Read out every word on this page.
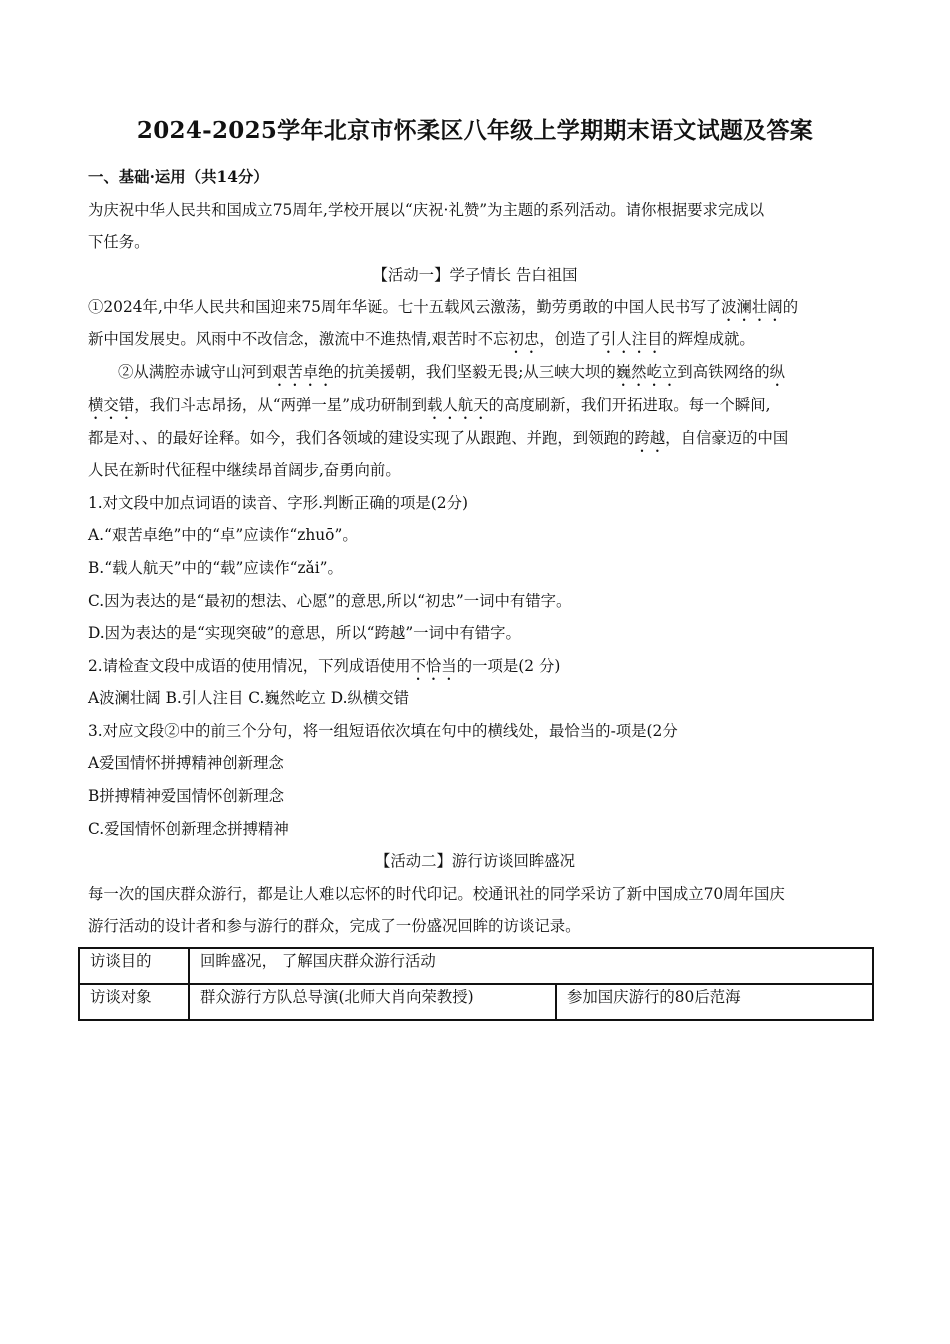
2024-2025学年北京市怀柔区八年级上学期期末语文试题及答案
一、基础·运用（共14分）
为庆祝中华人民共和国成立75周年,学校开展以“庆祝·礼赞”为主题的系列活动。请你根据要求完成以
下任务。
【活动一】学子情长 告白祖国
①2024年,中华人民共和国迎来75周年华诞。七十五载风云激荡，勤劳勇敢的中国人民书写了波澜壮阔的
新中国发展史。风雨中不改信念，激流中不進热情,艰苦时不忘初忠，创造了引人注目的辉煌成就。
②从满腔赤诚守山河到艰苦卓绝的抗美援朝，我们坚毅无畏;从三峡大坝的巍然屹立到高铁网络的纵
横交错，我们斗志昂扬，从“两弹一星”成功研制到载人航天的高度刷新，我们开拓进取。每一个瞬间,
都是对、、的最好诠释。如今，我们各领域的建设实现了从跟跑、并跑，到领跑的跨越，自信豪迈的中国
人民在新时代征程中继续昂首阔步,奋勇向前。
1.对文段中加点词语的读音、字形.判断正确的项是(2分)
A.“艰苦卓绝”中的“卓”应读作“zhuō”。
B.“载人航天”中的“载”应读作“zǎi”。
C.因为表达的是“最初的想法、心愿”的意思,所以“初忠”一词中有错字。
D.因为表达的是“实现突破”的意思，所以“跨越”一词中有错字。
2.请检查文段中成语的使用情况，下列成语使用不恰当的一项是(2 分)
A波澜壮阔 B.引人注目 C.巍然屹立 D.纵横交错
3.对应文段②中的前三个分句，将一组短语依次填在句中的横线处，最恰当的-项是(2分
A爱国情怀拼搏精神创新理念
B拼搏精神爱国情怀创新理念
C.爱国情怀创新理念拼搏精神
【活动二】游行访谈回眸盛况
每一次的国庆群众游行，都是让人难以忘怀的时代印记。校通讯社的同学采访了新中国成立70周年国庆
游行活动的设计者和参与游行的群众，完成了一份盛况回眸的访谈记录。
访谈目的	回眸盛况， 了解国庆群众游行活动	
访谈对象	群众游行方队总导演(北师大肖向荣教授)	参加国庆游行的80后范海
